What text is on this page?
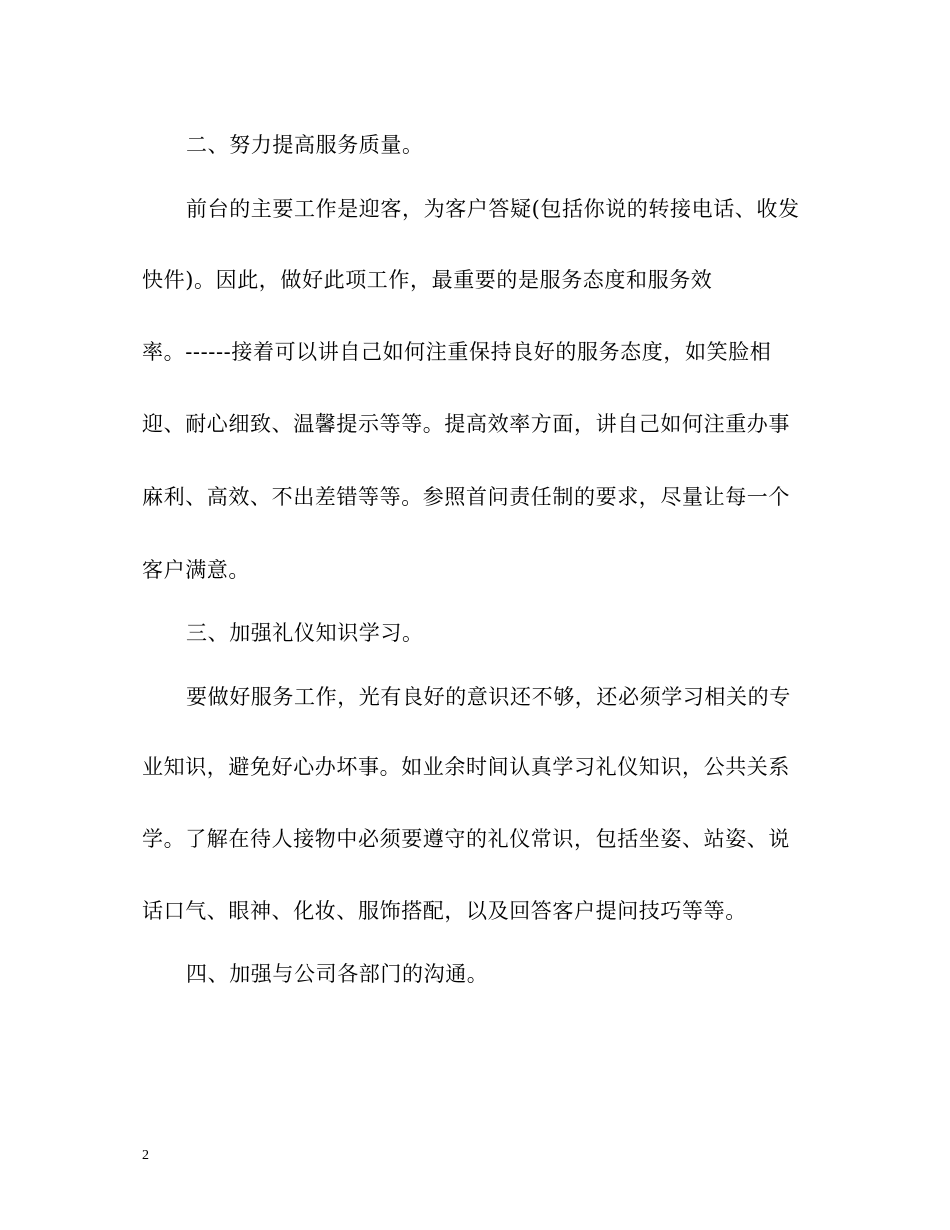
二、努力提高服务质量。
前台的主要工作是迎客，为客户答疑(包括你说的转接电话、收发
快件)。因此，做好此项工作，最重要的是服务态度和服务效
率。------接着可以讲自己如何注重保持良好的服务态度，如笑脸相
迎、耐心细致、温馨提示等等。提高效率方面，讲自己如何注重办事
麻利、高效、不出差错等等。参照首问责任制的要求，尽量让每一个
客户满意。
三、加强礼仪知识学习。
要做好服务工作，光有良好的意识还不够，还必须学习相关的专
业知识，避免好心办坏事。如业余时间认真学习礼仪知识，公共关系
学。了解在待人接物中必须要遵守的礼仪常识，包括坐姿、站姿、说
话口气、眼神、化妆、服饰搭配，以及回答客户提问技巧等等。
四、加强与公司各部门的沟通。
2
